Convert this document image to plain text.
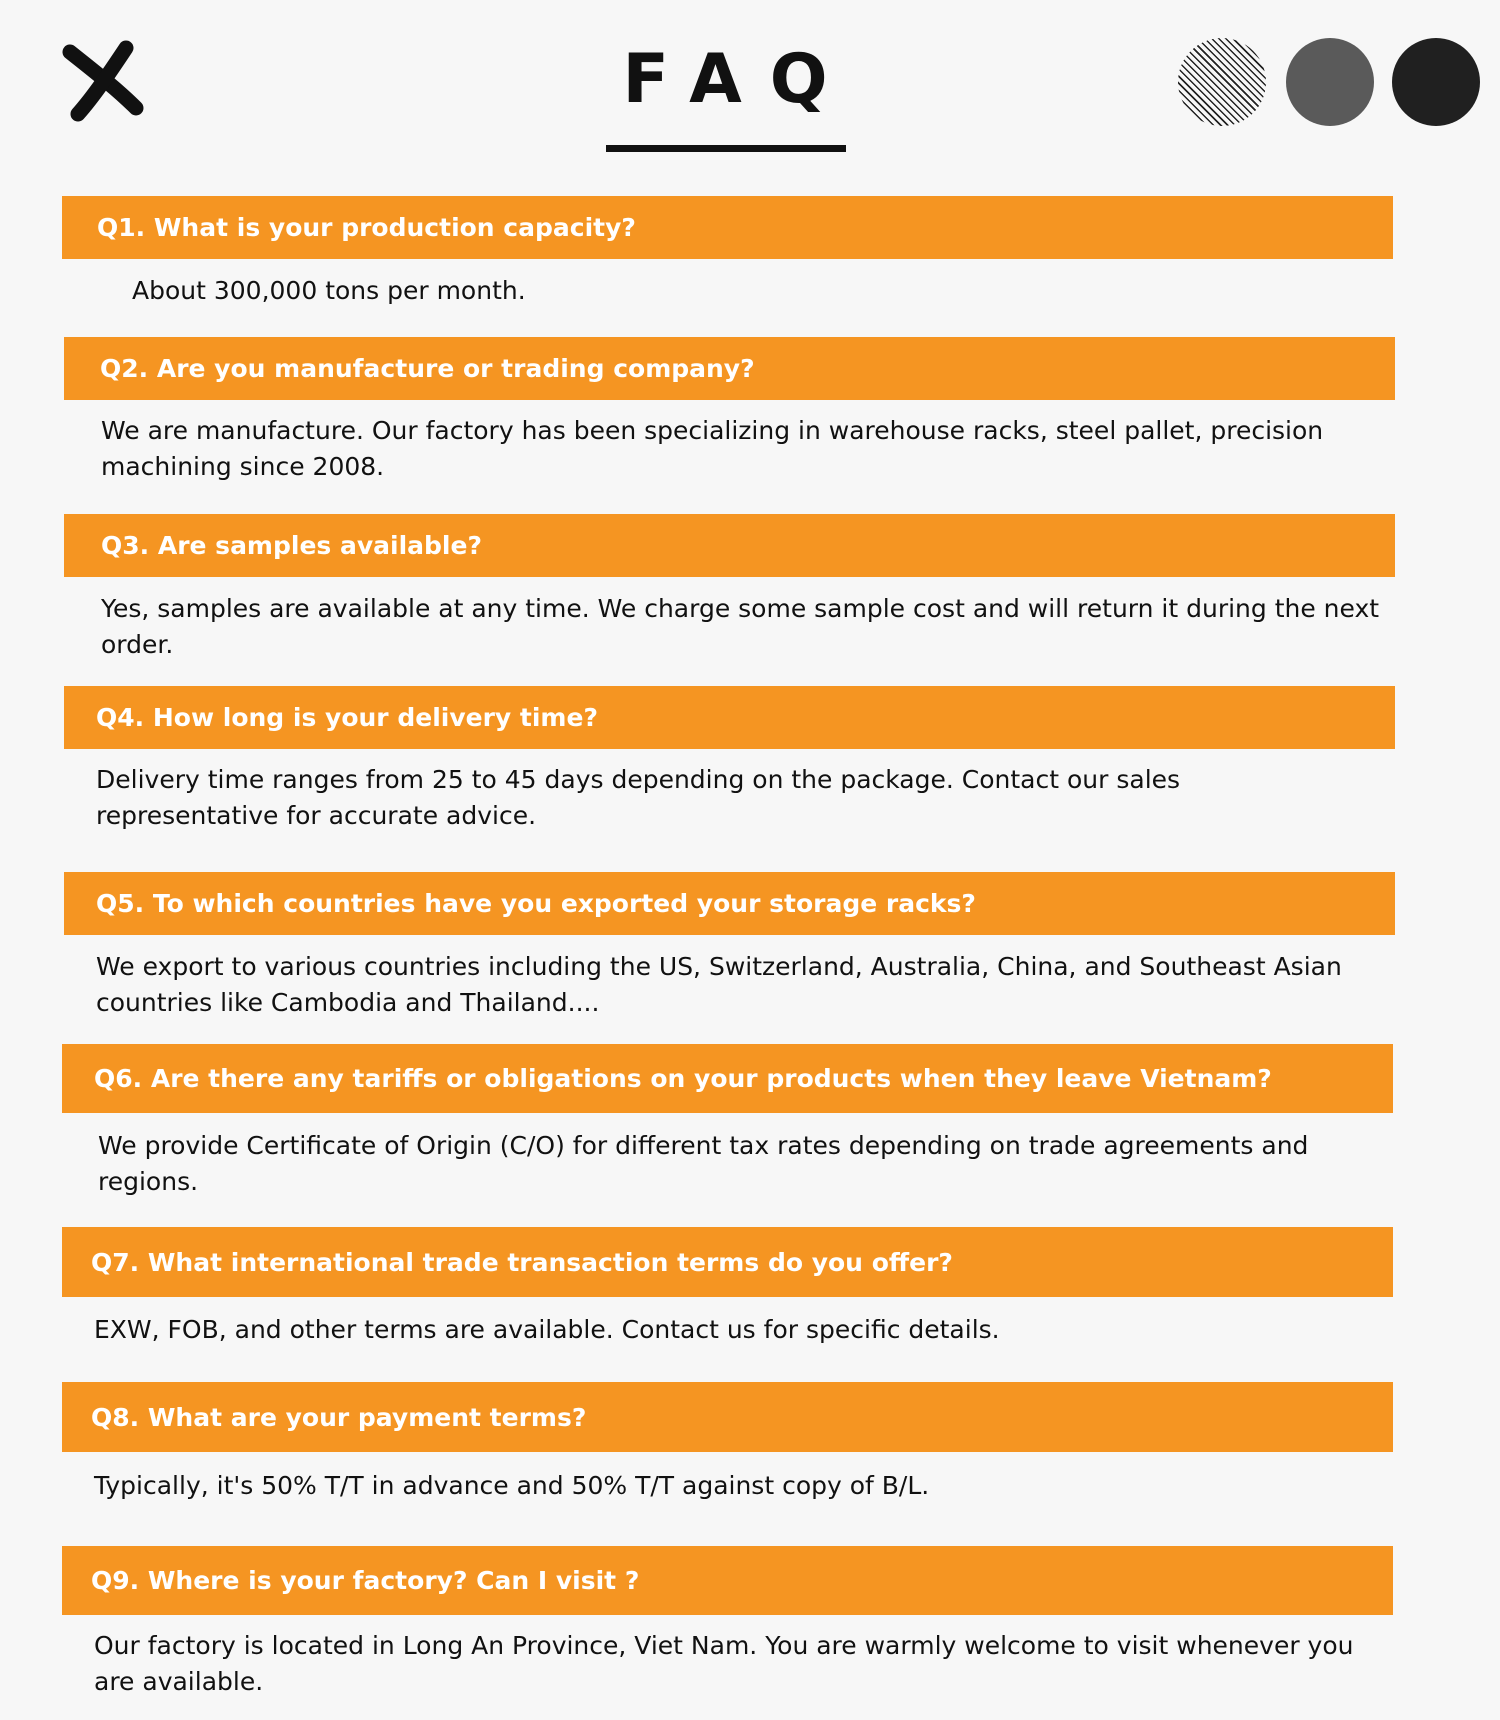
FAQ
Q1. What is your production capacity?
About 300,000 tons per month.
Q2. Are you manufacture or trading company?
We are manufacture. Our factory has been specializing in warehouse racks, steel pallet, precision machining since 2008.
Q3. Are samples available?
Yes, samples are available at any time. We charge some sample cost and will return it during the next order.
Q4. How long is your delivery time?
Delivery time ranges from 25 to 45 days depending on the package. Contact our sales representative for accurate advice.
Q5. To which countries have you exported your storage racks?
We export to various countries including the US, Switzerland, Australia, China, and Southeast Asian countries like Cambodia and Thailand....
Q6. Are there any tariffs or obligations on your products when they leave Vietnam?
We provide Certificate of Origin (C/O) for different tax rates depending on trade agreements and regions.
Q7. What international trade transaction terms do you offer?
EXW, FOB, and other terms are available. Contact us for specific details.
Q8. What are your payment terms?
Typically, it's 50% T/T in advance and 50% T/T against copy of B/L.
Q9. Where is your factory? Can I visit ?
Our factory is located in Long An Province, Viet Nam. You are warmly welcome to visit whenever you are available.
